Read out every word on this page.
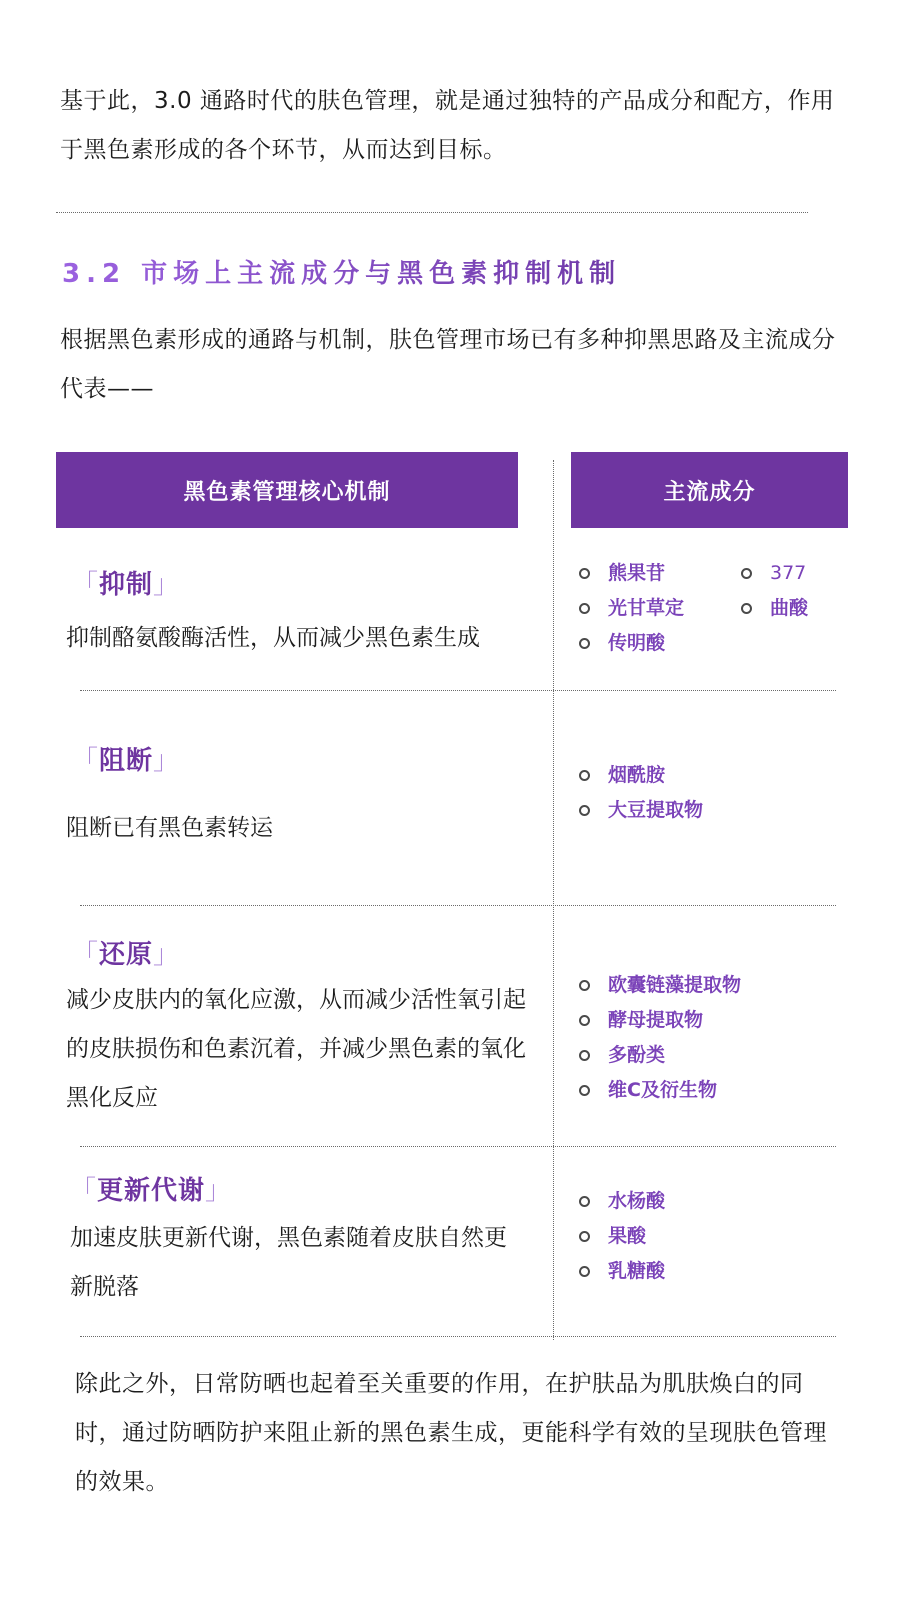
基于此，3.0 通路时代的肤色管理，就是通过独特的产品成分和配方，作用于黑色素形成的各个环节，从而达到目标。

3.2 市场上主流成分与黑色素抑制机制

根据黑色素形成的通路与机制，肤色管理市场已有多种抑黑思路及主流成分代表——

黑色素管理核心机制	主流成分
「抑制」

抑制酪氨酸酶活性，从而减少黑色素生成

熊果苷
光甘草定
传明酸
377
曲酸
「阻断」

阻断已有黑色素转运

烟酰胺
大豆提取物
「还原」

减少皮肤内的氧化应激，从而减少活性氧引起的皮肤损伤和色素沉着，并减少黑色素的氧化黑化反应

欧囊链藻提取物
酵母提取物
多酚类
维C及衍生物
「更新代谢」

加速皮肤更新代谢，黑色素随着皮肤自然更新脱落

水杨酸
果酸
乳糖酸

除此之外，日常防晒也起着至关重要的作用，在护肤品为肌肤焕白的同时，通过防晒防护来阻止新的黑色素生成，更能科学有效的呈现肤色管理的效果。
